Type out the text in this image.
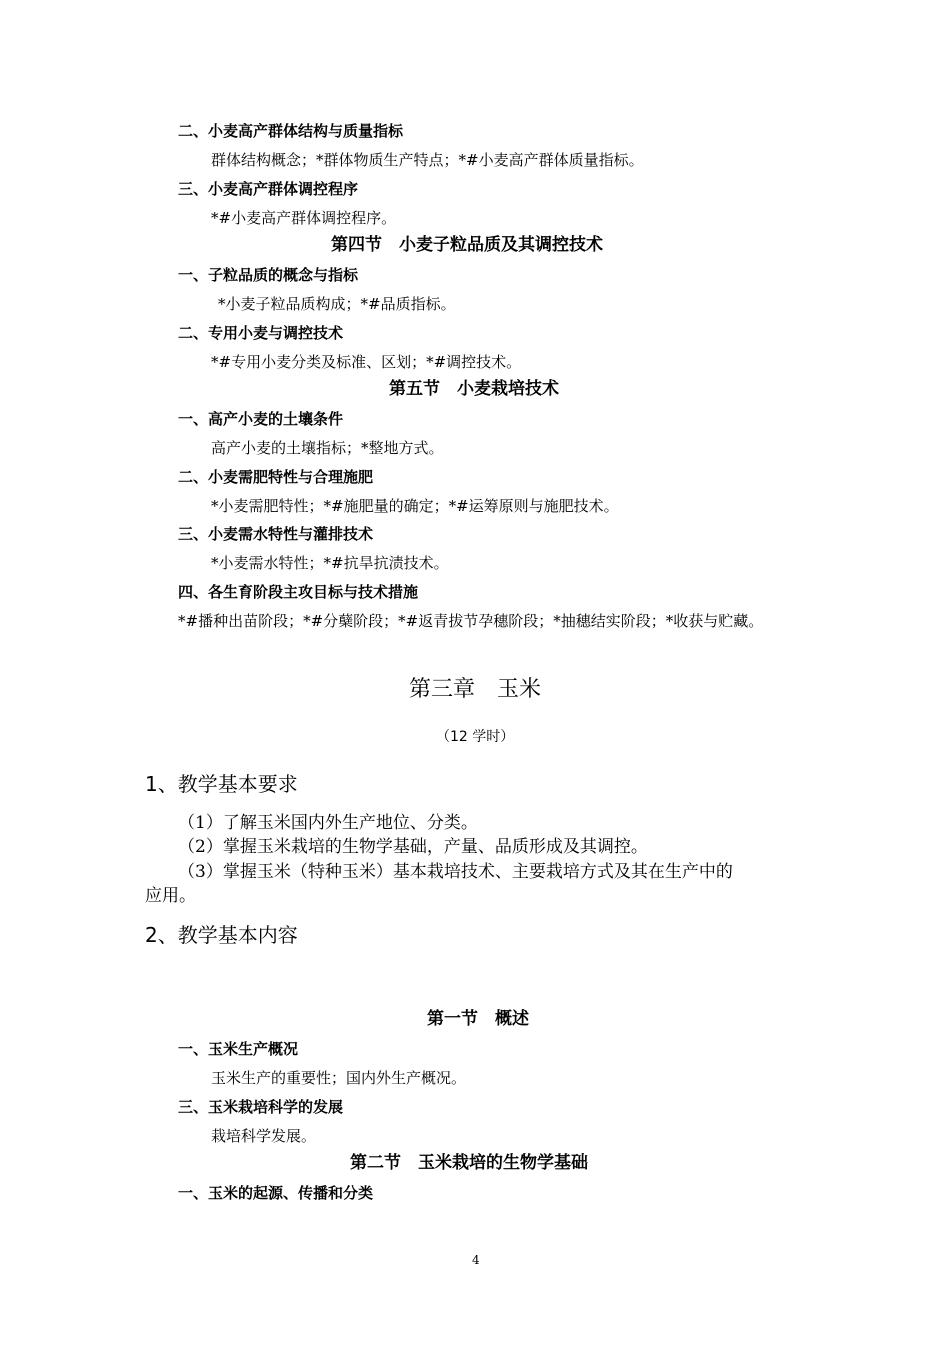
二、小麦高产群体结构与质量指标
群体结构概念；*群体物质生产特点；*#小麦高产群体质量指标。
三、小麦高产群体调控程序
*#小麦高产群体调控程序。
第四节　小麦子粒品质及其调控技术
一、子粒品质的概念与指标
*小麦子粒品质构成；*#品质指标。
二、专用小麦与调控技术
*#专用小麦分类及标准、区划；*#调控技术。
第五节　小麦栽培技术
一、高产小麦的土壤条件
高产小麦的土壤指标；*整地方式。
二、小麦需肥特性与合理施肥
*小麦需肥特性；*#施肥量的确定；*#运筹原则与施肥技术。
三、小麦需水特性与灌排技术
*小麦需水特性；*#抗旱抗渍技术。
四、各生育阶段主攻目标与技术措施
*#播种出苗阶段；*#分蘖阶段；*#返青拔节孕穗阶段；*抽穗结实阶段；*收获与贮藏。
第三章　玉米
（12 学时）
1、教学基本要求
（1）了解玉米国内外生产地位、分类。
（2）掌握玉米栽培的生物学基础，产量、品质形成及其调控。
（3）掌握玉米（特种玉米）基本栽培技术、主要栽培方式及其在生产中的
应用。
2、教学基本内容
第一节　概述
一、玉米生产概况
玉米生产的重要性；国内外生产概况。
三、玉米栽培科学的发展
栽培科学发展。
第二节　玉米栽培的生物学基础
一、玉米的起源、传播和分类
4
